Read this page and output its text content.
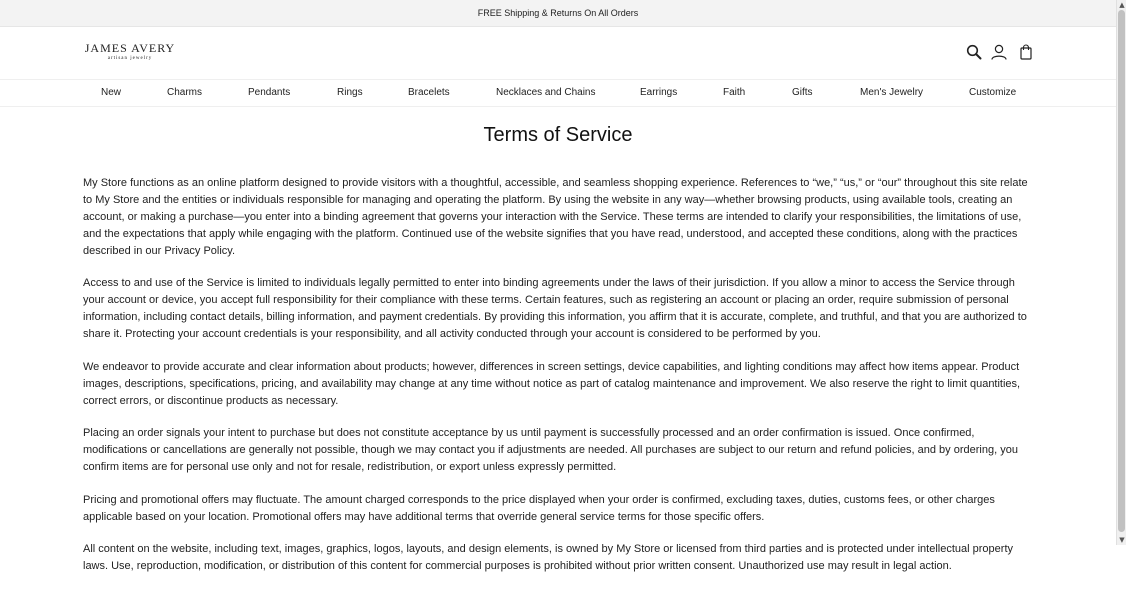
FREE Shipping & Returns On All Orders
JAMES AVERY
artisan jewelry
New	Charms	Pendants	Rings	Bracelets	Necklaces and Chains	Earrings	Faith	Gifts	Men's Jewelry	Customize
Terms of Service

My Store functions as an online platform designed to provide visitors with a thoughtful, accessible, and seamless shopping experience. References to “we,” “us,” or “our” throughout this site relate to My Store and the entities or individuals responsible for managing and operating the platform. By using the website in any way—whether browsing products, using available tools, creating an account, or making a purchase—you enter into a binding agreement that governs your interaction with the Service. These terms are intended to clarify your responsibilities, the limitations of use, and the expectations that apply while engaging with the platform. Continued use of the website signifies that you have read, understood, and accepted these conditions, along with the practices described in our Privacy Policy.

Access to and use of the Service is limited to individuals legally permitted to enter into binding agreements under the laws of their jurisdiction. If you allow a minor to access the Service through your account or device, you accept full responsibility for their compliance with these terms. Certain features, such as registering an account or placing an order, require submission of personal information, including contact details, billing information, and payment credentials. By providing this information, you affirm that it is accurate, complete, and truthful, and that you are authorized to share it. Protecting your account credentials is your responsibility, and all activity conducted through your account is considered to be performed by you.

We endeavor to provide accurate and clear information about products; however, differences in screen settings, device capabilities, and lighting conditions may affect how items appear. Product images, descriptions, specifications, pricing, and availability may change at any time without notice as part of catalog maintenance and improvement. We also reserve the right to limit quantities, correct errors, or discontinue products as necessary.

Placing an order signals your intent to purchase but does not constitute acceptance by us until payment is successfully processed and an order confirmation is issued. Once confirmed, modifications or cancellations are generally not possible, though we may contact you if adjustments are needed. All purchases are subject to our return and refund policies, and by ordering, you confirm items are for personal use only and not for resale, redistribution, or export unless expressly permitted.

Pricing and promotional offers may fluctuate. The amount charged corresponds to the price displayed when your order is confirmed, excluding taxes, duties, customs fees, or other charges applicable based on your location. Promotional offers may have additional terms that override general service terms for those specific offers.

All content on the website, including text, images, graphics, logos, layouts, and design elements, is owned by My Store or licensed from third parties and is protected under intellectual property laws. Use, reproduction, modification, or distribution of this content for commercial purposes is prohibited without prior written consent. Unauthorized use may result in legal action.

▲
▼
